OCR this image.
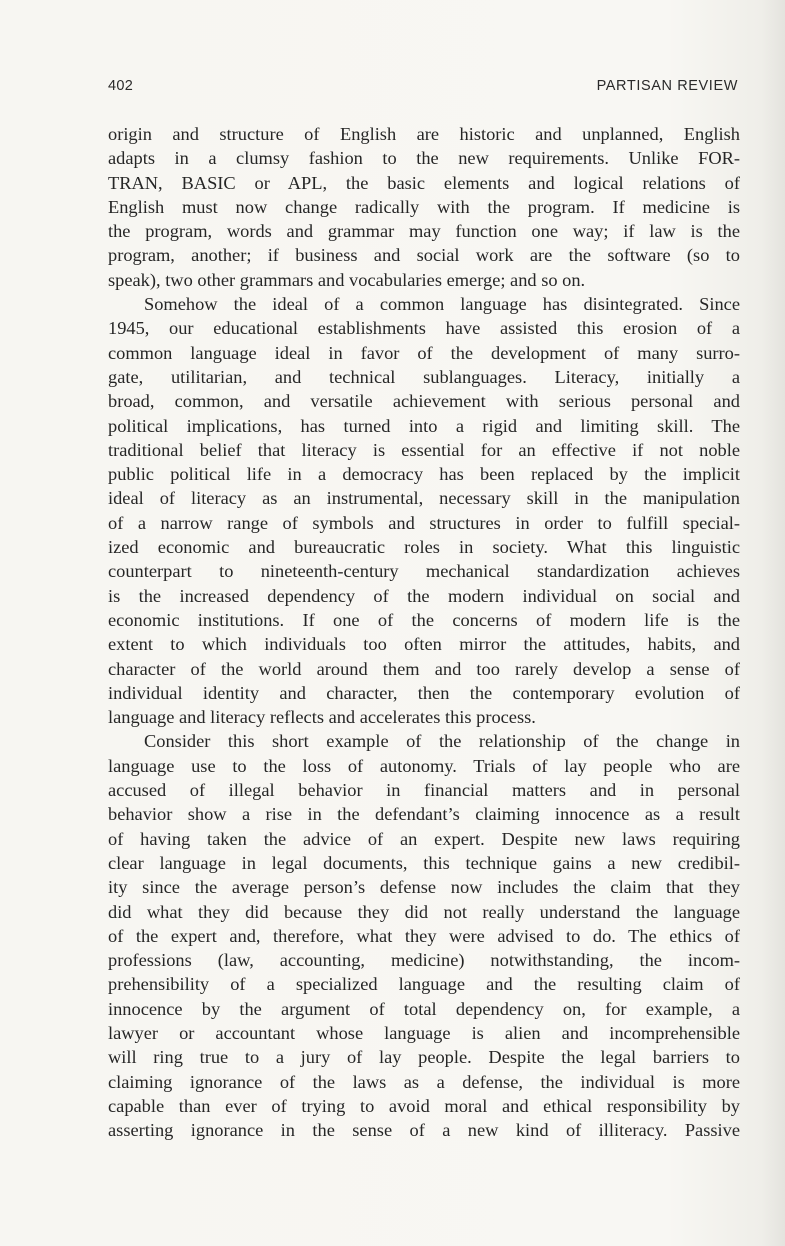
402	PARTISAN REVIEW
origin and structure of English are historic and unplanned, English
adapts in a clumsy fashion to the new requirements. Unlike FOR-
TRAN, BASIC or APL, the basic elements and logical relations of
English must now change radically with the program. If medicine is
the program, words and grammar may function one way; if law is the
program, another; if business and social work are the software (so to
speak), two other grammars and vocabularies emerge; and so on.
Somehow the ideal of a common language has disintegrated. Since
1945, our educational establishments have assisted this erosion of a
common language ideal in favor of the development of many surro-
gate, utilitarian, and technical sublanguages. Literacy, initially a
broad, common, and versatile achievement with serious personal and
political implications, has turned into a rigid and limiting skill. The
traditional belief that literacy is essential for an effective if not noble
public political life in a democracy has been replaced by the implicit
ideal of literacy as an instrumental, necessary skill in the manipulation
of a narrow range of symbols and structures in order to fulfill special-
ized economic and bureaucratic roles in society. What this linguistic
counterpart to nineteenth-century mechanical standardization achieves
is the increased dependency of the modern individual on social and
economic institutions. If one of the concerns of modern life is the
extent to which individuals too often mirror the attitudes, habits, and
character of the world around them and too rarely develop a sense of
individual identity and character, then the contemporary evolution of
language and literacy reflects and accelerates this process.
Consider this short example of the relationship of the change in
language use to the loss of autonomy. Trials of lay people who are
accused of illegal behavior in financial matters and in personal
behavior show a rise in the defendant’s claiming innocence as a result
of having taken the advice of an expert. Despite new laws requiring
clear language in legal documents, this technique gains a new credibil-
ity since the average person’s defense now includes the claim that they
did what they did because they did not really understand the language
of the expert and, therefore, what they were advised to do. The ethics of
professions (law, accounting, medicine) notwithstanding, the incom-
prehensibility of a specialized language and the resulting claim of
innocence by the argument of total dependency on, for example, a
lawyer or accountant whose language is alien and incomprehensible
will ring true to a jury of lay people. Despite the legal barriers to
claiming ignorance of the laws as a defense, the individual is more
capable than ever of trying to avoid moral and ethical responsibility by
asserting ignorance in the sense of a new kind of illiteracy. Passive
